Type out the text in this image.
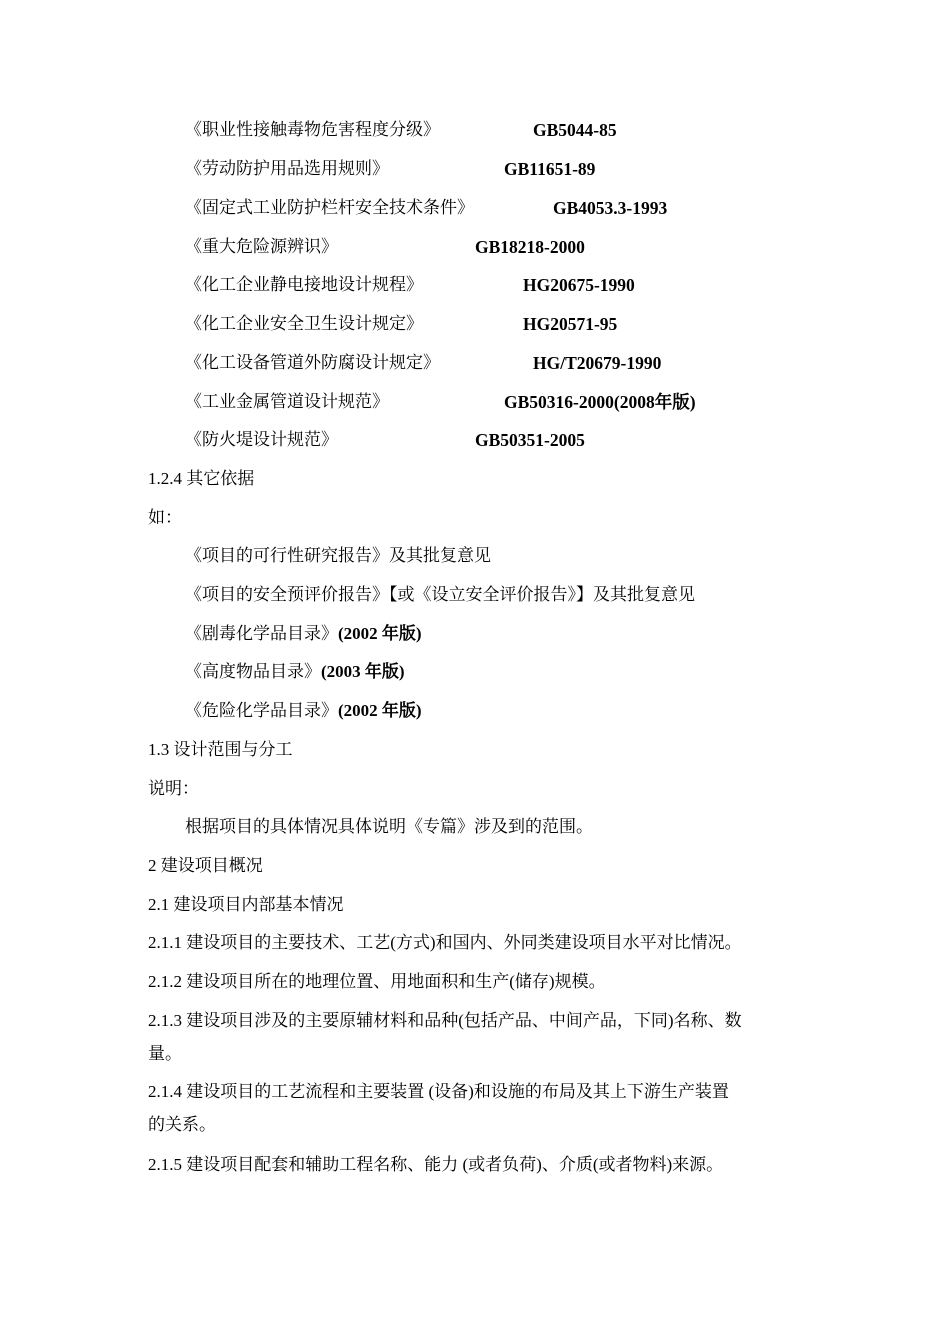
《职业性接触毒物危害程度分级》	GB5044-85
《劳动防护用品选用规则》	GB11651-89
《固定式工业防护栏杆安全技术条件》	GB4053.3-1993
《重大危险源辨识》	GB18218-2000
《化工企业静电接地设计规程》	HG20675-1990
《化工企业安全卫生设计规定》	HG20571-95
《化工设备管道外防腐设计规定》	HG/T20679-1990
《工业金属管道设计规范》	GB50316-2000(2008年版)
《防火堤设计规范》	GB50351-2005
1.2.4 其它依据
如：
《项目的可行性研究报告》及其批复意见
《项目的安全预评价报告》【或《设立安全评价报告》】及其批复意见
《剧毒化学品目录》(2002 年版)
《高度物品目录》(2003 年版)
《危险化学品目录》(2002 年版)
1.3 设计范围与分工
说明：
根据项目的具体情况具体说明《专篇》涉及到的范围。
2 建设项目概况
2.1 建设项目内部基本情况
2.1.1 建设项目的主要技术、工艺(方式)和国内、外同类建设项目水平对比情况。
2.1.2 建设项目所在的地理位置、用地面积和生产(储存)规模。
2.1.3 建设项目涉及的主要原辅材料和品种(包括产品、中间产品，下同)名称、数
量。
2.1.4 建设项目的工艺流程和主要装置 (设备)和设施的布局及其上下游生产装置
的关系。
2.1.5 建设项目配套和辅助工程名称、能力 (或者负荷)、介质(或者物料)来源。
